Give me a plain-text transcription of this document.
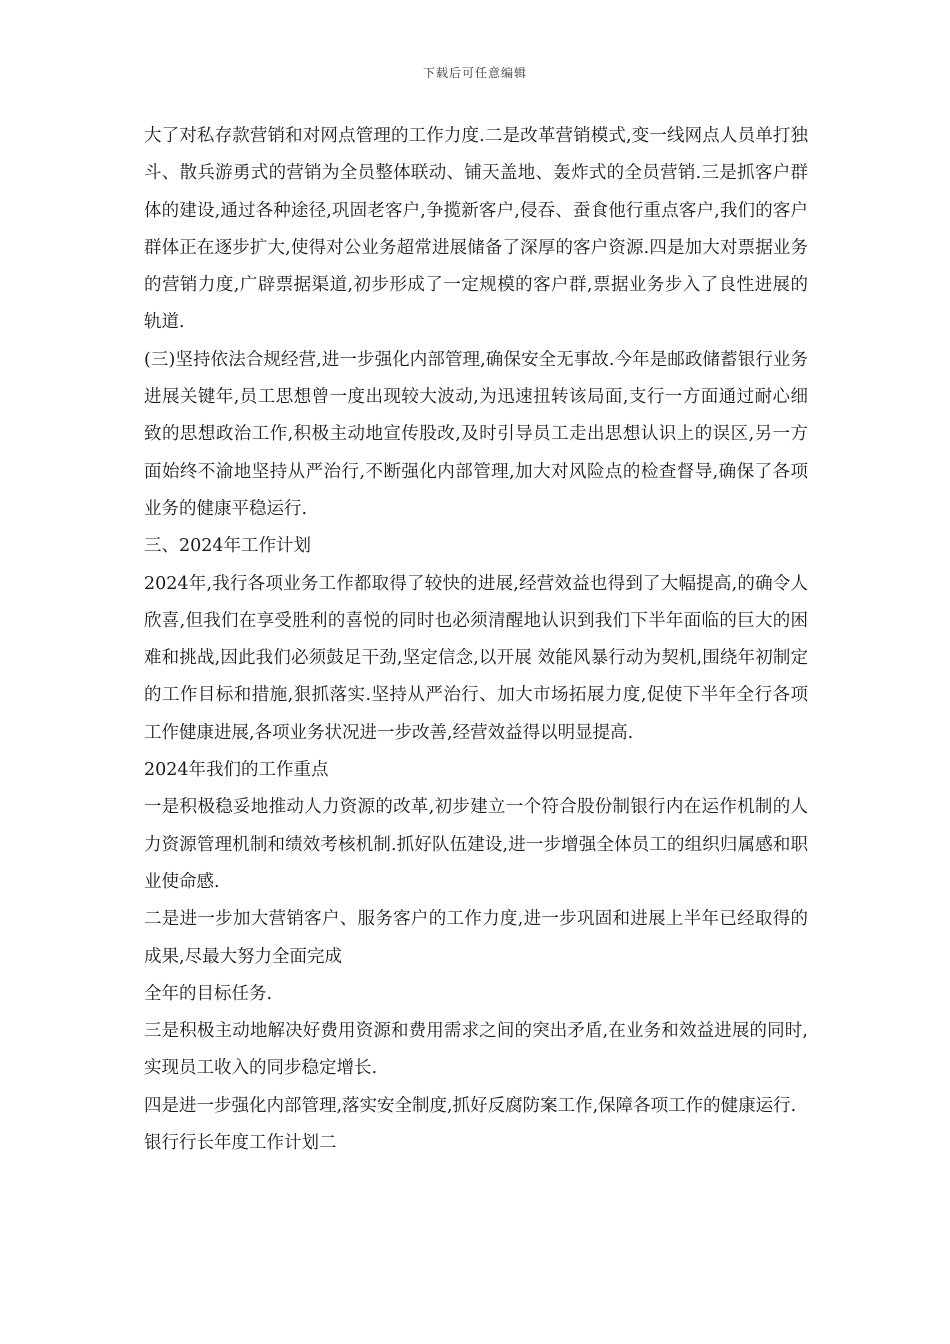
下载后可任意编辑

大了对私存款营销和对网点管理的工作力度.二是改革营销模式,变一线网点人员单打独斗、散兵游勇式的营销为全员整体联动、铺天盖地、轰炸式的全员营销.三是抓客户群体的建设,通过各种途径,巩固老客户,争揽新客户,侵吞、蚕食他行重点客户,我们的客户群体正在逐步扩大,使得对公业务超常进展储备了深厚的客户资源.四是加大对票据业务的营销力度,广辟票据渠道,初步形成了一定规模的客户群,票据业务步入了良性进展的轨道.

(三)坚持依法合规经营,进一步强化内部管理,确保安全无事故.今年是邮政储蓄银行业务进展关键年,员工思想曾一度出现较大波动,为迅速扭转该局面,支行一方面通过耐心细致的思想政治工作,积极主动地宣传股改,及时引导员工走出思想认识上的误区,另一方面始终不渝地坚持从严治行,不断强化内部管理,加大对风险点的检查督导,确保了各项业务的健康平稳运行.

三、2024年工作计划

2024年,我行各项业务工作都取得了较快的进展,经营效益也得到了大幅提高,的确令人欣喜,但我们在享受胜利的喜悦的同时也必须清醒地认识到我们下半年面临的巨大的困难和挑战,因此我们必须鼓足干劲,坚定信念,以开展 效能风暴行动为契机,围绕年初制定的工作目标和措施,狠抓落实.坚持从严治行、加大市场拓展力度,促使下半年全行各项工作健康进展,各项业务状况进一步改善,经营效益得以明显提高.

2024年我们的工作重点

一是积极稳妥地推动人力资源的改革,初步建立一个符合股份制银行内在运作机制的人力资源管理机制和绩效考核机制.抓好队伍建设,进一步增强全体员工的组织归属感和职业使命感.

二是进一步加大营销客户、服务客户的工作力度,进一步巩固和进展上半年已经取得的成果,尽最大努力全面完成

全年的目标任务.

三是积极主动地解决好费用资源和费用需求之间的突出矛盾,在业务和效益进展的同时,实现员工收入的同步稳定增长.

四是进一步强化内部管理,落实安全制度,抓好反腐防案工作,保障各项工作的健康运行.

银行行长年度工作计划二
